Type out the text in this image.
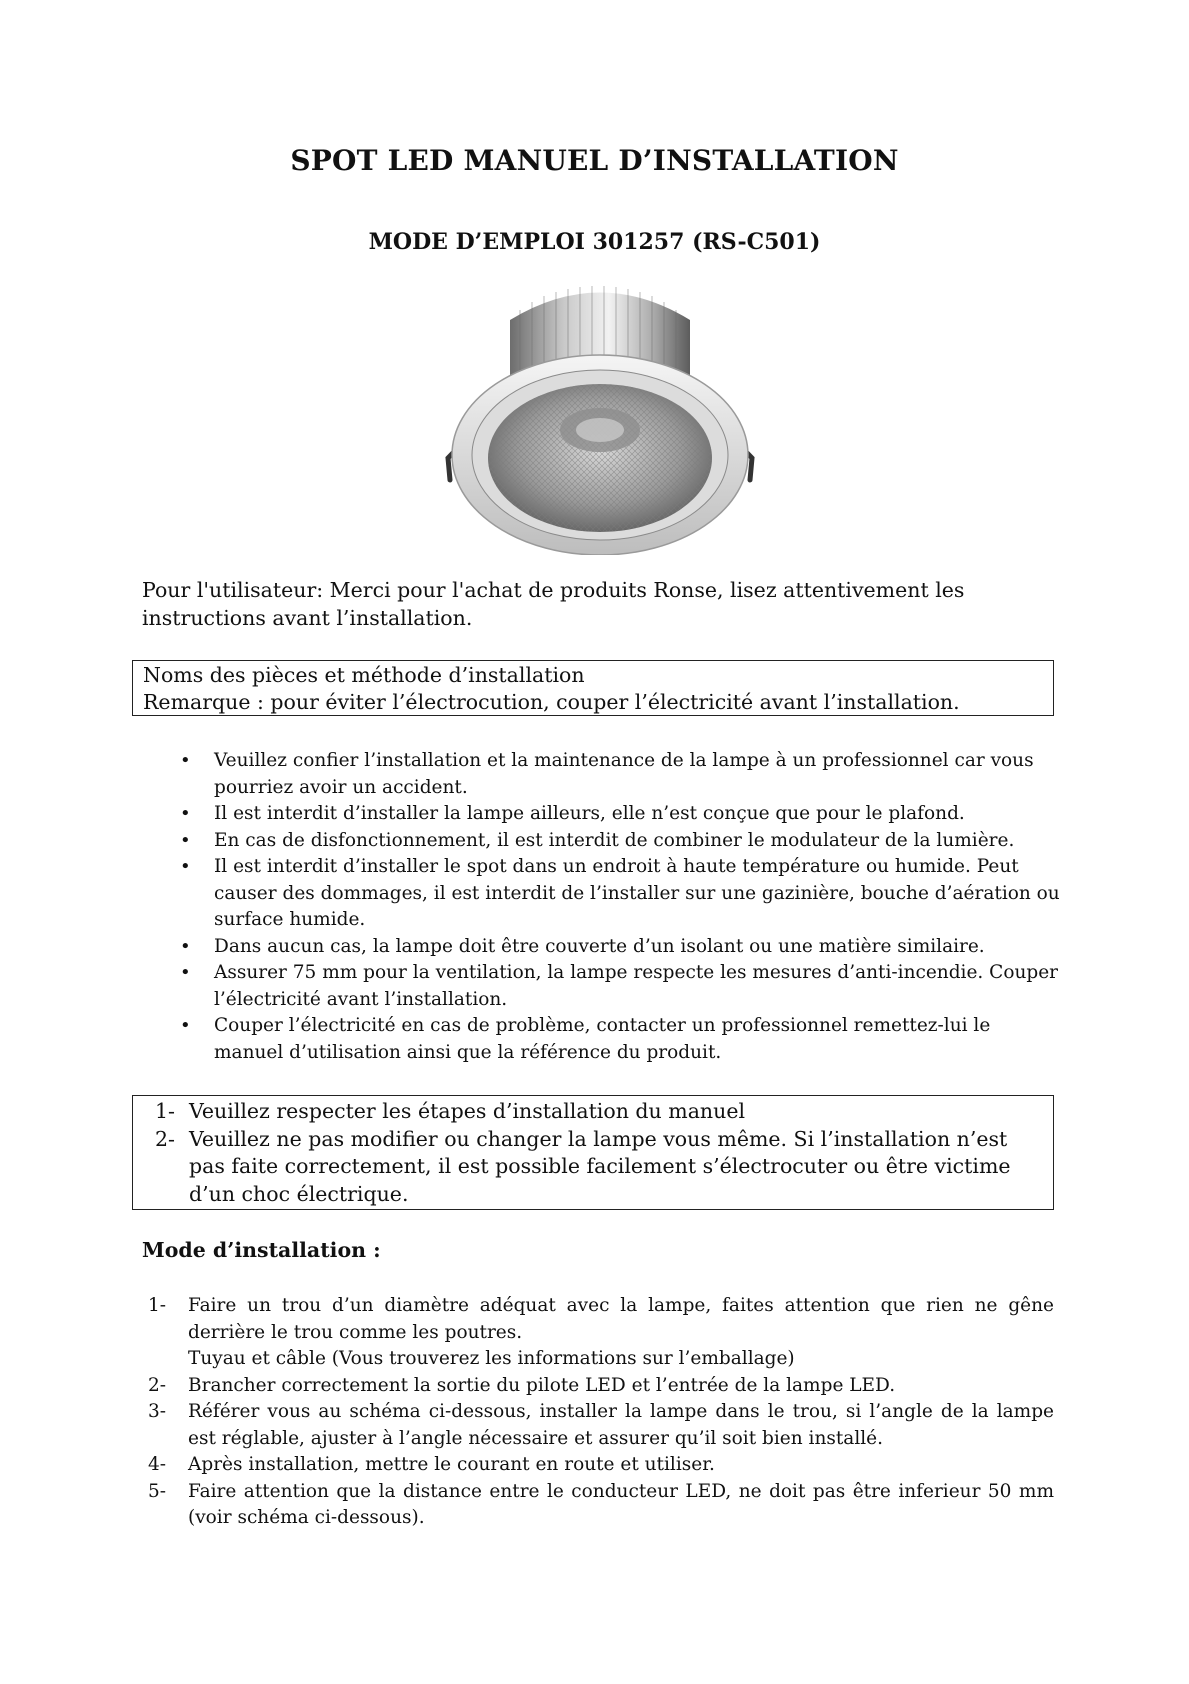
SPOT LED MANUEL D’INSTALLATION
MODE D’EMPLOI 301257 (RS-C501)

Pour l'utilisateur: Merci pour l'achat de produits Ronse, lisez attentivement les instructions avant l’installation.

Noms des pièces et méthode d’installation
Remarque : pour éviter l’électrocution, couper l’électricité avant l’installation.
• Veuillez confier l’installation et la maintenance de la lampe à un professionnel car vous pourriez avoir un accident.
• Il est interdit d’installer la lampe ailleurs, elle n’est conçue que pour le plafond.
• En cas de disfonctionnement, il est interdit de combiner le modulateur de la lumière.
• Il est interdit d’installer le spot dans un endroit à haute température ou humide. Peut causer des dommages, il est interdit de l’installer sur une gazinière, bouche d’aération ou surface humide.
• Dans aucun cas, la lampe doit être couverte d’un isolant ou une matière similaire.
• Assurer 75 mm pour la ventilation, la lampe respecte les mesures d’anti-incendie. Couper l’électricité avant l’installation.
• Couper l’électricité en cas de problème, contacter un professionnel remettez-lui le manuel d’utilisation ainsi que la référence du produit.
1- Veuillez respecter les étapes d’installation du manuel
2- Veuillez ne pas modifier ou changer la lampe vous même. Si l’installation n’est pas faite correctement, il est possible facilement s’électrocuter ou être victime d’un choc électrique.
Mode d’installation :
1- Faire un trou d’un diamètre adéquat avec la lampe, faites attention que rien ne gêne derrière le trou comme les poutres.
Tuyau et câble (Vous trouverez les informations sur l’emballage)
2- Brancher correctement la sortie du pilote LED et l’entrée de la lampe LED.
3- Référer vous au schéma ci-dessous, installer la lampe dans le trou, si l’angle de la lampe est réglable, ajuster à l’angle nécessaire et assurer qu’il soit bien installé.
4- Après installation, mettre le courant en route et utiliser.
5- Faire attention que la distance entre le conducteur LED, ne doit pas être inferieur 50 mm (voir schéma ci-dessous).
